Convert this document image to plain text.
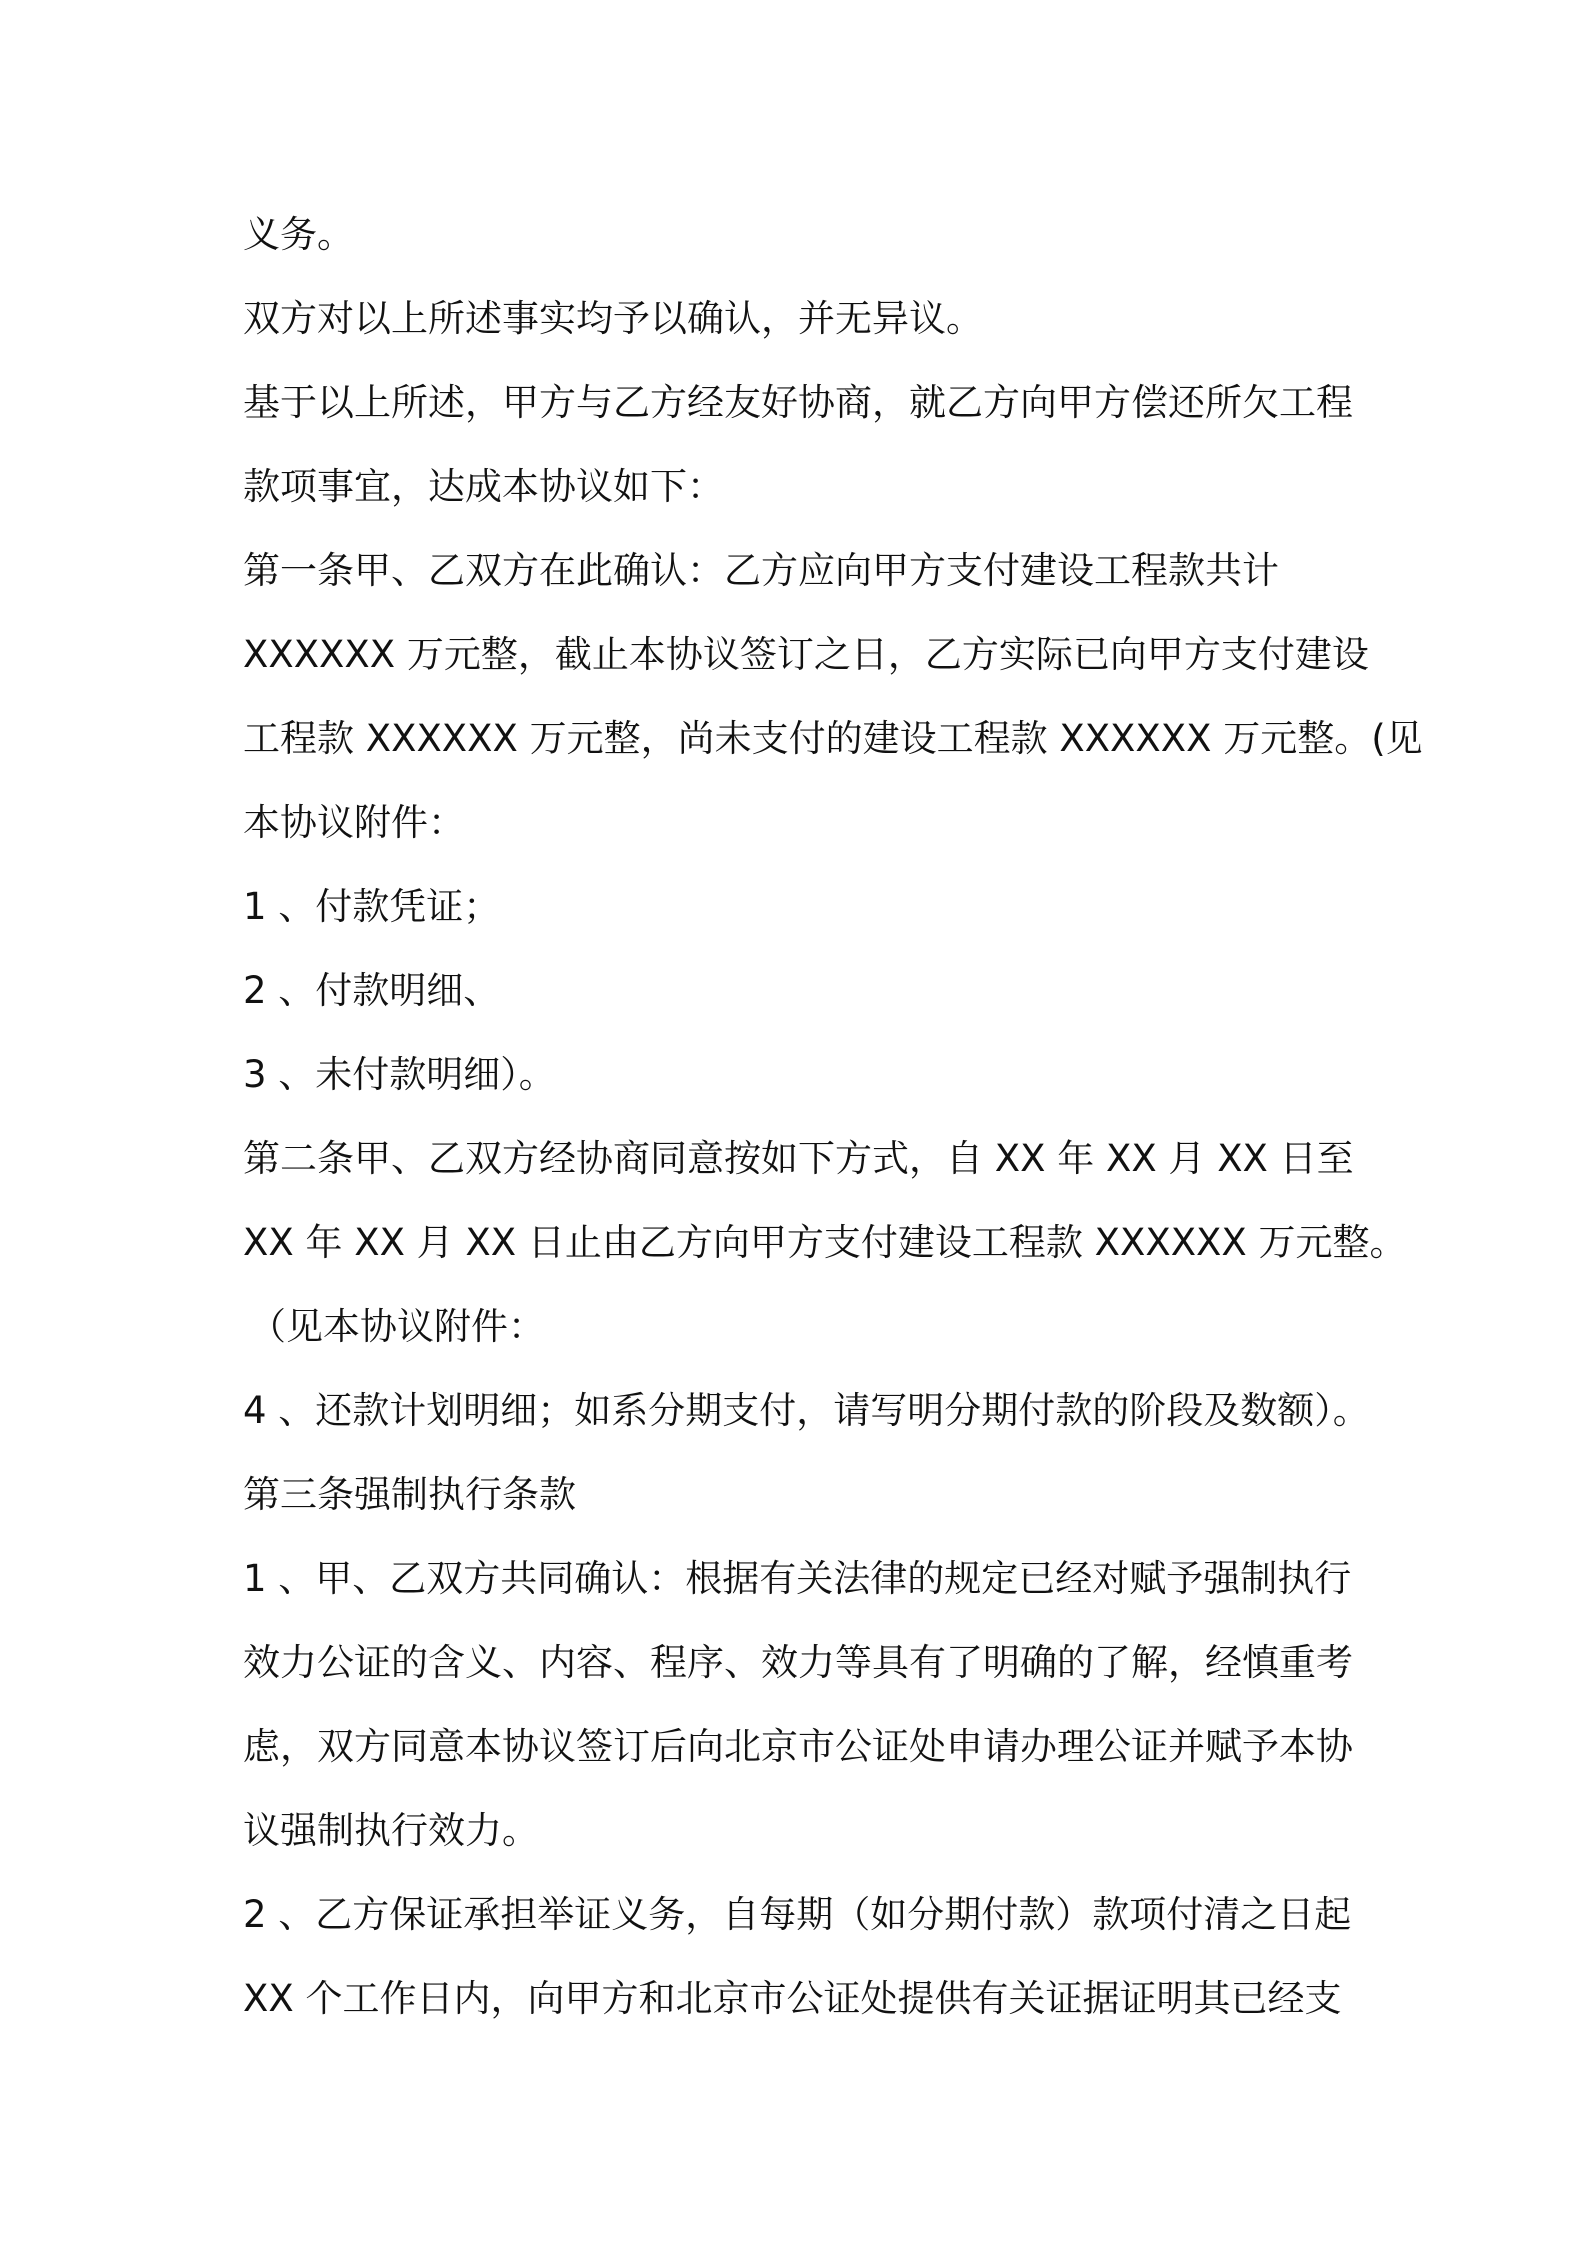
义务。
双方对以上所述事实均予以确认，并无异议。
基于以上所述，甲方与乙方经友好协商，就乙方向甲方偿还所欠工程
款项事宜，达成本协议如下：
第一条甲、乙双方在此确认：乙方应向甲方支付建设工程款共计
XXXXXX 万元整，截止本协议签订之日，乙方实际已向甲方支付建设
工程款 XXXXXX 万元整，尚未支付的建设工程款 XXXXXX 万元整。(见
本协议附件：
1 、付款凭证；
2 、付款明细、
3 、未付款明细）。
第二条甲、乙双方经协商同意按如下方式，自 XX 年 XX 月 XX 日至
XX 年 XX 月 XX 日止由乙方向甲方支付建设工程款 XXXXXX 万元整。
（见本协议附件：
4 、还款计划明细；如系分期支付，请写明分期付款的阶段及数额）。
第三条强制执行条款
1 、甲、乙双方共同确认：根据有关法律的规定已经对赋予强制执行
效力公证的含义、内容、程序、效力等具有了明确的了解，经慎重考
虑，双方同意本协议签订后向北京市公证处申请办理公证并赋予本协
议强制执行效力。
2 、乙方保证承担举证义务，自每期（如分期付款）款项付清之日起
XX 个工作日内，向甲方和北京市公证处提供有关证据证明其已经支
